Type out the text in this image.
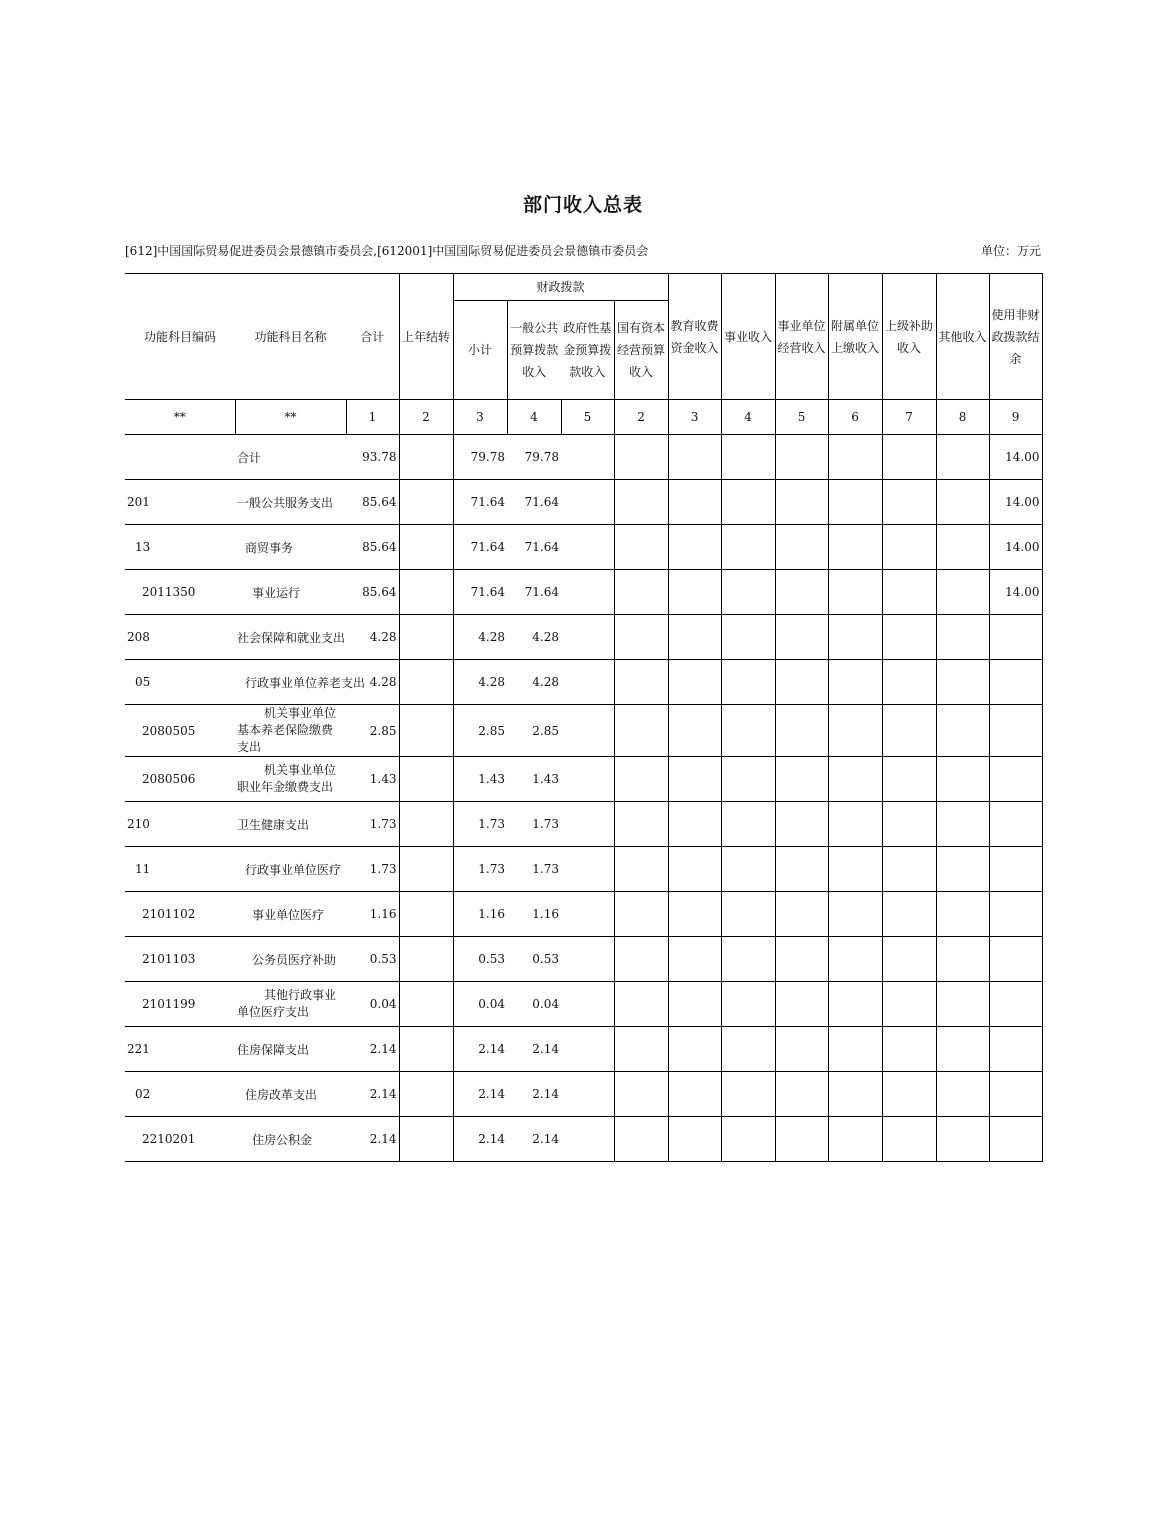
部门收入总表
[612]中国国际贸易促进委员会景德镇市委员会,[612001]中国国际贸易促进委员会景德镇市委员会	单位：万元
功能科目编码	功能科目名称	合计	上年结转	财政拨款				教育收费资金收入	事业收入	事业单位经营收入	附属单位上缴收入	上级补助收入	其他收入	使用非财政拨款结余
				小计	一般公共预算拨款收入	政府性基金预算拨款收入	国有资本经营预算收入							
**	**	1	2	3	4	5	2	3	4	5	6	7	8	9
	合计	93.78		79.78	79.78									14.00
201	一般公共服务支出	85.64		71.64	71.64									14.00
13	商贸事务	85.64		71.64	71.64									14.00
2011350	事业运行	85.64		71.64	71.64									14.00
208	社会保障和就业支出	4.28		4.28	4.28									
05	行政事业单位养老支出	4.28		4.28	4.28									
2080505	机关事业单位基本养老保险缴费支出	2.85		2.85	2.85									
2080506	机关事业单位职业年金缴费支出	1.43		1.43	1.43									
210	卫生健康支出	1.73		1.73	1.73									
11	行政事业单位医疗	1.73		1.73	1.73									
2101102	事业单位医疗	1.16		1.16	1.16									
2101103	公务员医疗补助	0.53		0.53	0.53									
2101199	其他行政事业单位医疗支出	0.04		0.04	0.04									
221	住房保障支出	2.14		2.14	2.14									
02	住房改革支出	2.14		2.14	2.14									
2210201	住房公积金	2.14		2.14	2.14									
